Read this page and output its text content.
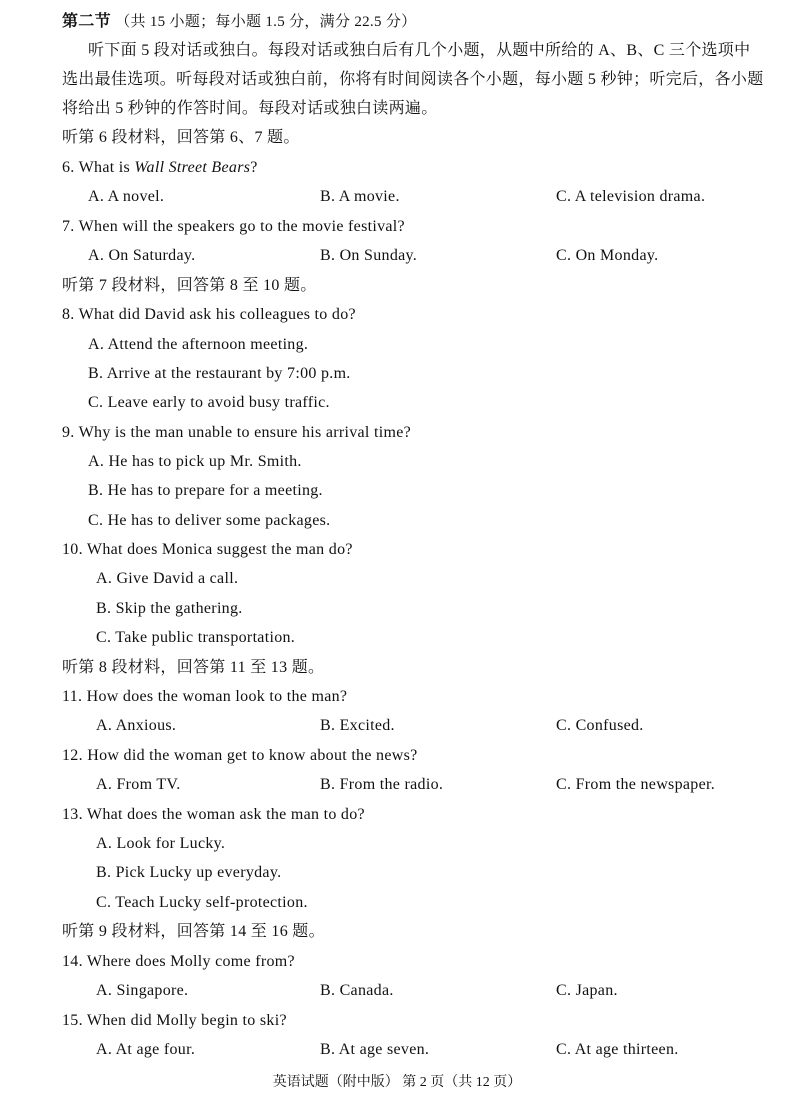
第二节 （共 15 小题；每小题 1.5 分，满分 22.5 分）
听下面 5 段对话或独白。每段对话或独白后有几个小题，从题中所给的 A、B、C 三个选项中
选出最佳选项。听每段对话或独白前，你将有时间阅读各个小题，每小题 5 秒钟；听完后，各小题
将给出 5 秒钟的作答时间。每段对话或独白读两遍。
听第 6 段材料，回答第 6、7 题。
6. What is Wall Street Bears?
A. A novel.	B. A movie.	C. A television drama.
7. When will the speakers go to the movie festival?
A. On Saturday.	B. On Sunday.	C. On Monday.
听第 7 段材料，回答第 8 至 10 题。
8. What did David ask his colleagues to do?
A. Attend the afternoon meeting.
B. Arrive at the restaurant by 7:00 p.m.
C. Leave early to avoid busy traffic.
9. Why is the man unable to ensure his arrival time?
A. He has to pick up Mr. Smith.
B. He has to prepare for a meeting.
C. He has to deliver some packages.
10. What does Monica suggest the man do?
A. Give David a call.
B. Skip the gathering.
C. Take public transportation.
听第 8 段材料，回答第 11 至 13 题。
11. How does the woman look to the man?
A. Anxious.	B. Excited.	C. Confused.
12. How did the woman get to know about the news?
A. From TV.	B. From the radio.	C. From the newspaper.
13. What does the woman ask the man to do?
A. Look for Lucky.
B. Pick Lucky up everyday.
C. Teach Lucky self-protection.
听第 9 段材料，回答第 14 至 16 题。
14. Where does Molly come from?
A. Singapore.	B. Canada.	C. Japan.
15. When did Molly begin to ski?
A. At age four.	B. At age seven.	C. At age thirteen.
英语试题（附中版） 第 2 页（共 12 页）
